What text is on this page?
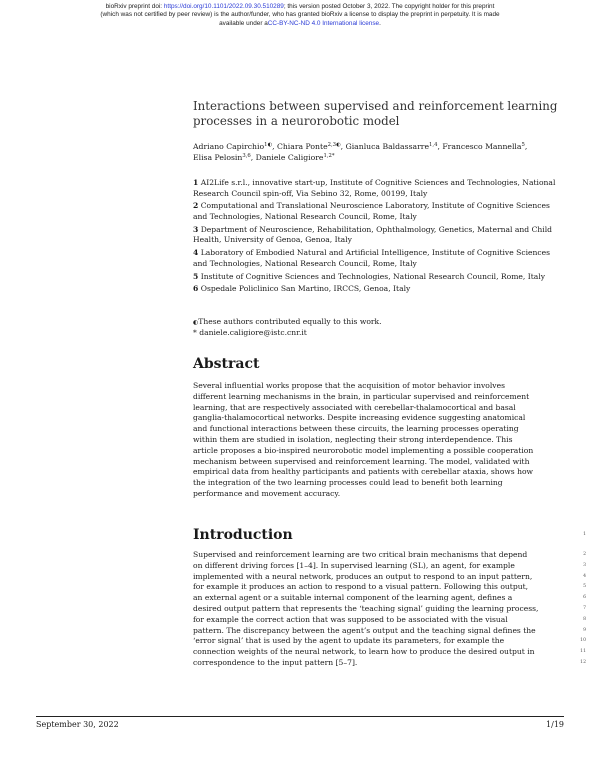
bioRxiv preprint doi: https://doi.org/10.1101/2022.09.30.510289; this version posted October 3, 2022. The copyright holder for this preprint
(which was not certified by peer review) is the author/funder, who has granted bioRxiv a license to display the preprint in perpetuity. It is made
available under aCC-BY-NC-ND 4.0 International license.
Interactions between supervised and reinforcement learning
processes in a neurorobotic model
Adriano Capirchio$^{1◐}$, Chiara Ponte$^{2,3◐}$, Gianluca Baldassarre$^{1,4}$, Francesco Mannella$^5$,
Elisa Pelosin$^{3,6}$, Daniele Caligiore$^{1,2*}$
1 AI2Life s.r.l., innovative start-up, Institute of Cognitive Sciences and Technologies, National Research Council spin-off, Via Sebino 32, Rome, 00199, Italy
2 Computational and Translational Neuroscience Laboratory, Institute of Cognitive Sciences and Technologies, National Research Council, Rome, Italy
3 Department of Neuroscience, Rehabilitation, Ophthalmology, Genetics, Maternal and Child Health, University of Genoa, Genoa, Italy
4 Laboratory of Embodied Natural and Artificial Intelligence, Institute of Cognitive Sciences and Technologies, National Research Council, Rome, Italy
5 Institute of Cognitive Sciences and Technologies, National Research Council, Rome, Italy
6 Ospedale Policlinico San Martino, IRCCS, Genoa, Italy
◐These authors contributed equally to this work.
* daniele.caligiore@istc.cnr.it
Abstract
Several influential works propose that the acquisition of motor behavior involves
different learning mechanisms in the brain, in particular supervised and reinforcement
learning, that are respectively associated with cerebellar-thalamocortical and basal
ganglia-thalamocortical networks. Despite increasing evidence suggesting anatomical
and functional interactions between these circuits, the learning processes operating
within them are studied in isolation, neglecting their strong interdependence. This
article proposes a bio-inspired neurorobotic model implementing a possible cooperation
mechanism between supervised and reinforcement learning. The model, validated with
empirical data from healthy participants and patients with cerebellar ataxia, shows how
the integration of the two learning processes could lead to benefit both learning
performance and movement accuracy.
Introduction	1
Supervised and reinforcement learning are two critical brain mechanisms that depend
on different driving forces [1–4]. In supervised learning (SL), an agent, for example
implemented with a neural network, produces an output to respond to an input pattern,
for example it produces an action to respond to a visual pattern. Following this output,
an external agent or a suitable internal component of the learning agent, defines a
desired output pattern that represents the ‘teaching signal’ guiding the learning process,
for example the correct action that was supposed to be associated with the visual
pattern. The discrepancy between the agent’s output and the teaching signal defines the
‘error signal’ that is used by the agent to update its parameters, for example the
connection weights of the neural network, to learn how to produce the desired output in
correspondence to the input pattern [5–7].
2
3
4
5
6
7
8
9
10
11
12
September 30, 2022	1/19
